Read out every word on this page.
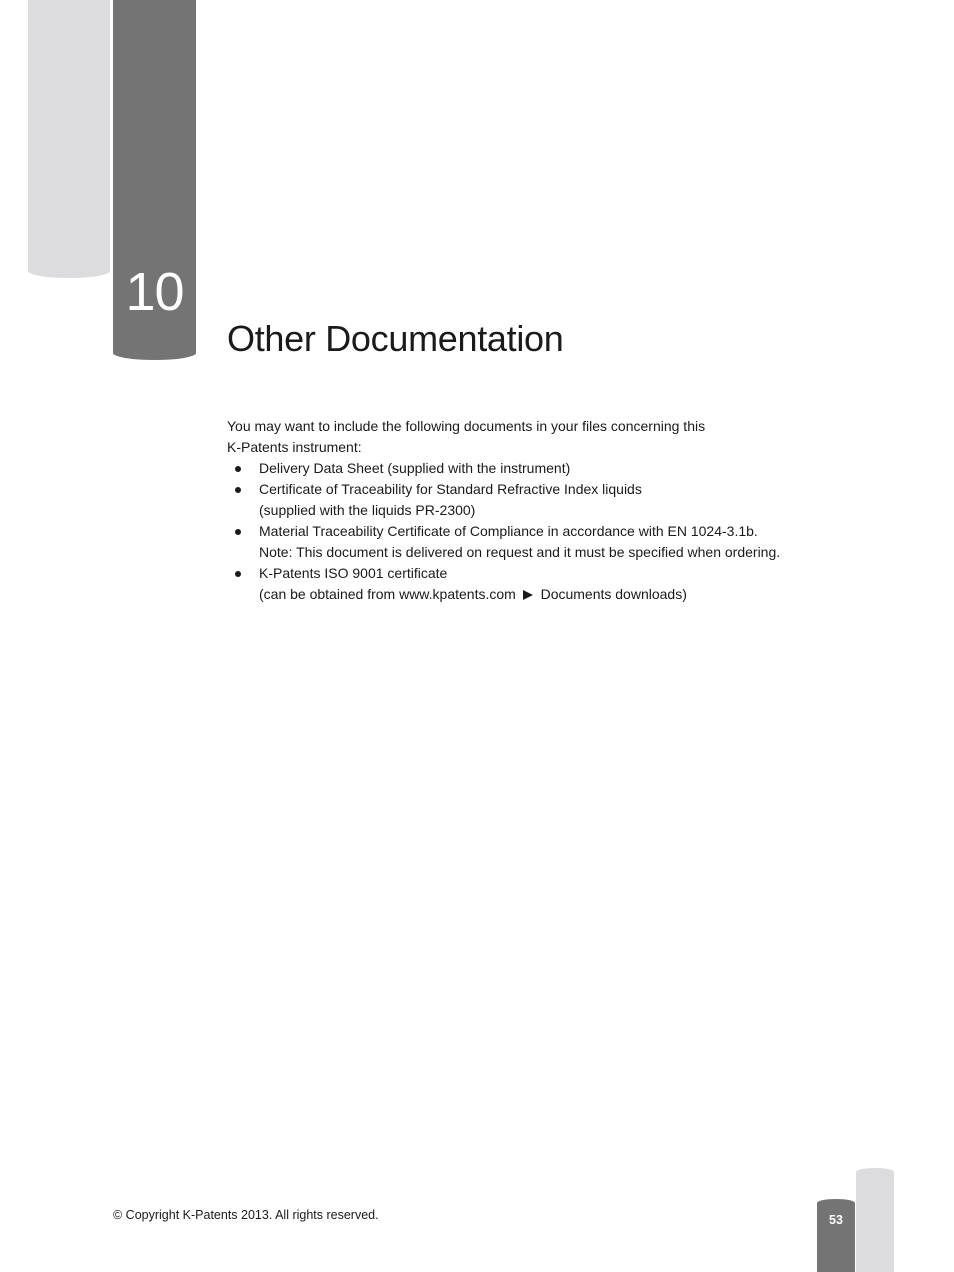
10
Other Documentation

You may want to include the following documents in your files concerning this

K-Patents instrument:

Delivery Data Sheet (supplied with the instrument)
Certificate of Traceability for Standard Refractive Index liquids
(supplied with the liquids PR-2300)
Material Traceability Certificate of Compliance in accordance with EN 1024-3.1b.
Note: This document is delivered on request and it must be specified when ordering.
K-Patents ISO 9001 certificate
(can be obtained from www.kpatents.com Documents downloads)
© Copyright K-Patents 2013. All rights reserved.	53
